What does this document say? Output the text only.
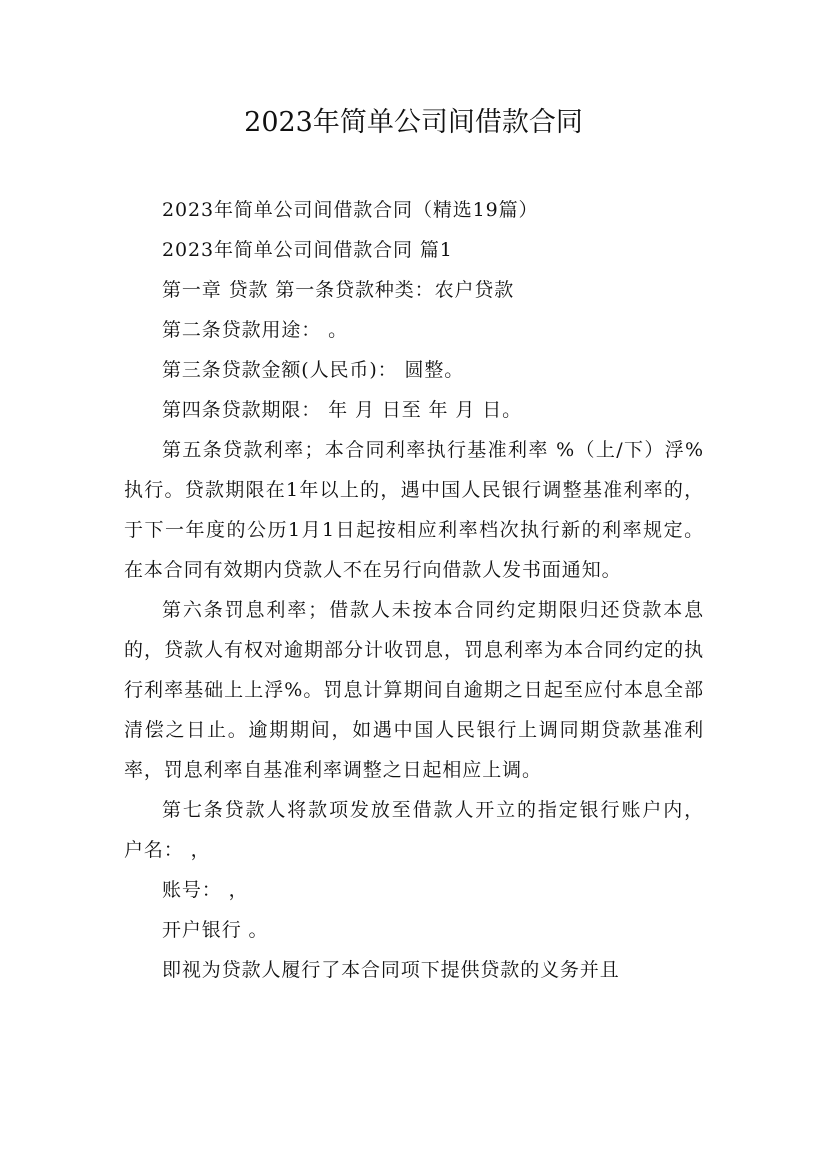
2023年简单公司间借款合同

2023年简单公司间借款合同（精选19篇）

2023年简单公司间借款合同 篇1

第一章 贷款 第一条贷款种类：农户贷款

第二条贷款用途： 。

第三条贷款金额(人民币)： 圆整。

第四条贷款期限： 年 月 日至 年 月 日。

第五条贷款利率；本合同利率执行基准利率 %（上/下）浮%执行。贷款期限在1年以上的，遇中国人民银行调整基准利率的，于下一年度的公历1月1日起按相应利率档次执行新的利率规定。在本合同有效期内贷款人不在另行向借款人发书面通知。

第六条罚息利率；借款人未按本合同约定期限归还贷款本息的，贷款人有权对逾期部分计收罚息，罚息利率为本合同约定的执行利率基础上上浮%。罚息计算期间自逾期之日起至应付本息全部清偿之日止。逾期期间，如遇中国人民银行上调同期贷款基准利率，罚息利率自基准利率调整之日起相应上调。

第七条贷款人将款项发放至借款人开立的指定银行账户内， 户名： ，

账号： ，

开户银行 。

即视为贷款人履行了本合同项下提供贷款的义务并且
